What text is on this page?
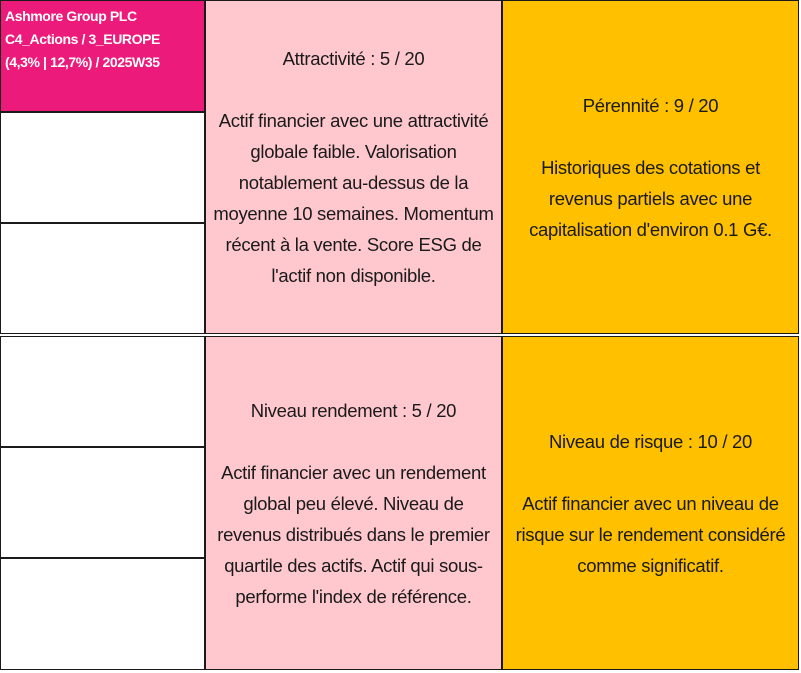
Ashmore Group PLC
C4_Actions / 3_EUROPE
(4,3% | 12,7%) / 2025W35	Attractivité : 5 / 20
Actif financier avec une attractivité globale faible. Valorisation notablement au-dessus de la moyenne 10 semaines. Momentum récent à la vente. Score ESG de l'actif non disponible.
Pérennité : 9 / 20
Historiques des cotations et revenus partiels avec une capitalisation d'environ 0.1 G€.
Niveau rendement : 5 / 20
Actif financier avec un rendement global peu élevé. Niveau de revenus distribués dans le premier quartile des actifs. Actif qui sous-performe l'index de référence.
Niveau de risque : 10 / 20
Actif financier avec un niveau de risque sur le rendement considéré comme significatif.
